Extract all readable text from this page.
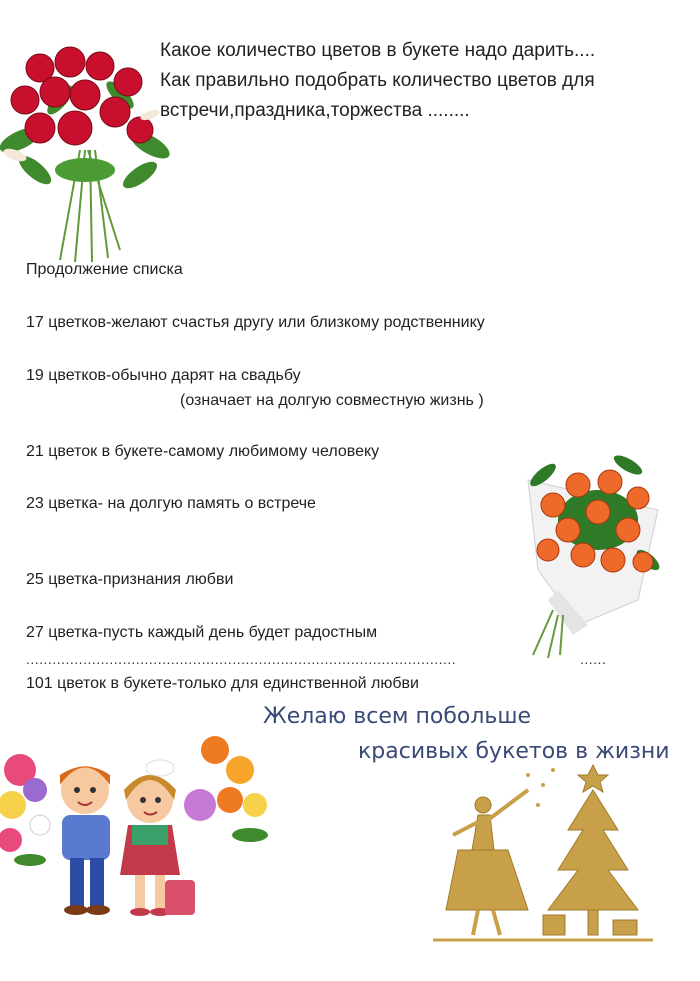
Какое количество цветов в букете надо дарить....
Как правильно подобрать количество цветов для
встречи,праздника,торжества ........
Продолжение списка
17 цветков-желают счастья другу или близкому родственнику
19 цветков-обычно дарят на свадьбу
(означает на долгую совместную жизнь )
21 цветок в букете-самому любимому человеку
23 цветка- на долгую память о встрече
25 цветка-признания любви
27 цветка-пусть каждый день будет радостным
..................................................................................................	......
101 цветок в букете-только для единственной любви
Желаю всем побольше
красивых букетов в жизни
